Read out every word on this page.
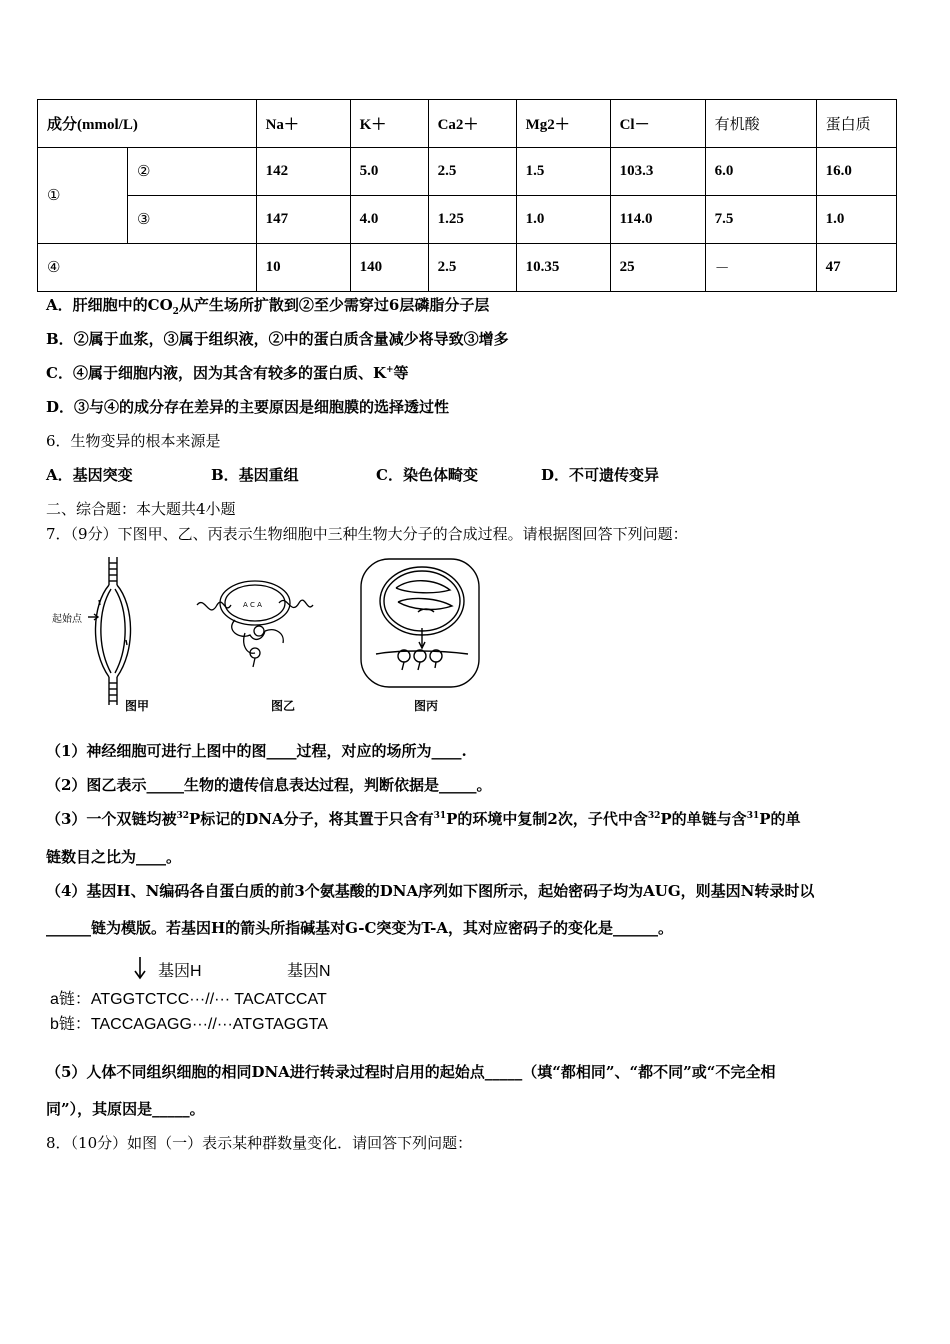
成分(mmol/L)		Na＋	K＋	Ca2＋	Mg2＋	Cl－	有机酸	蛋白质
①	②	142	5.0	2.5	1.5	103.3	6.0	16.0
	③	147	4.0	1.25	1.0	114.0	7.5	1.0
④		10	140	2.5	10.35	25	－	47
A．肝细胞中的$CO_2$从产生场所扩散到②至少需穿过6层磷脂分子层
B．②属于血浆，③属于组织液，②中的蛋白质含量减少将导致③增多
C．④属于细胞内液，因为其含有较多的蛋白质、K+等
D．③与④的成分存在差异的主要原因是细胞膜的选择透过性
6．生物变异的根本来源是
A．基因突变	B．基因重组	C．染色体畸变	D．不可遗传变异
二、综合题：本大题共4小题
7．（9分）下图甲、乙、丙表示生物细胞中三种生物大分子的合成过程。请根据图回答下列问题：
起始点
图甲
A C A
图乙	图丙
（1）神经细胞可进行上图中的图____过程，对应的场所为____.
（2）图乙表示_____生物的遗传信息表达过程，判断依据是_____。
（3）一个双链均被$^{32}$P标记的DNA分子，将其置于只含有$^{31}$P的环境中复制2次，子代中含$^{32}$P的单链与含$^{31}$P的单
链数目之比为____。
（4）基因H、N编码各自蛋白质的前3个氨基酸的DNA序列如下图所示，起始密码子均为AUG，则基因N转录时以
______链为模版。若基因H的箭头所指碱基对G-C突变为T-A，其对应密码子的变化是______。
基因H	基因N
a链：ATGGTCTCC···//··· TACATCCAT
b链：TACCAGAGG···//···ATGTAGGTA
（5）人体不同组织细胞的相同DNA进行转录过程时启用的起始点_____（填“都相同”、“都不同”或“不完全相
同”），其原因是_____。
8．（10分）如图（一）表示某种群数量变化．请回答下列问题：
